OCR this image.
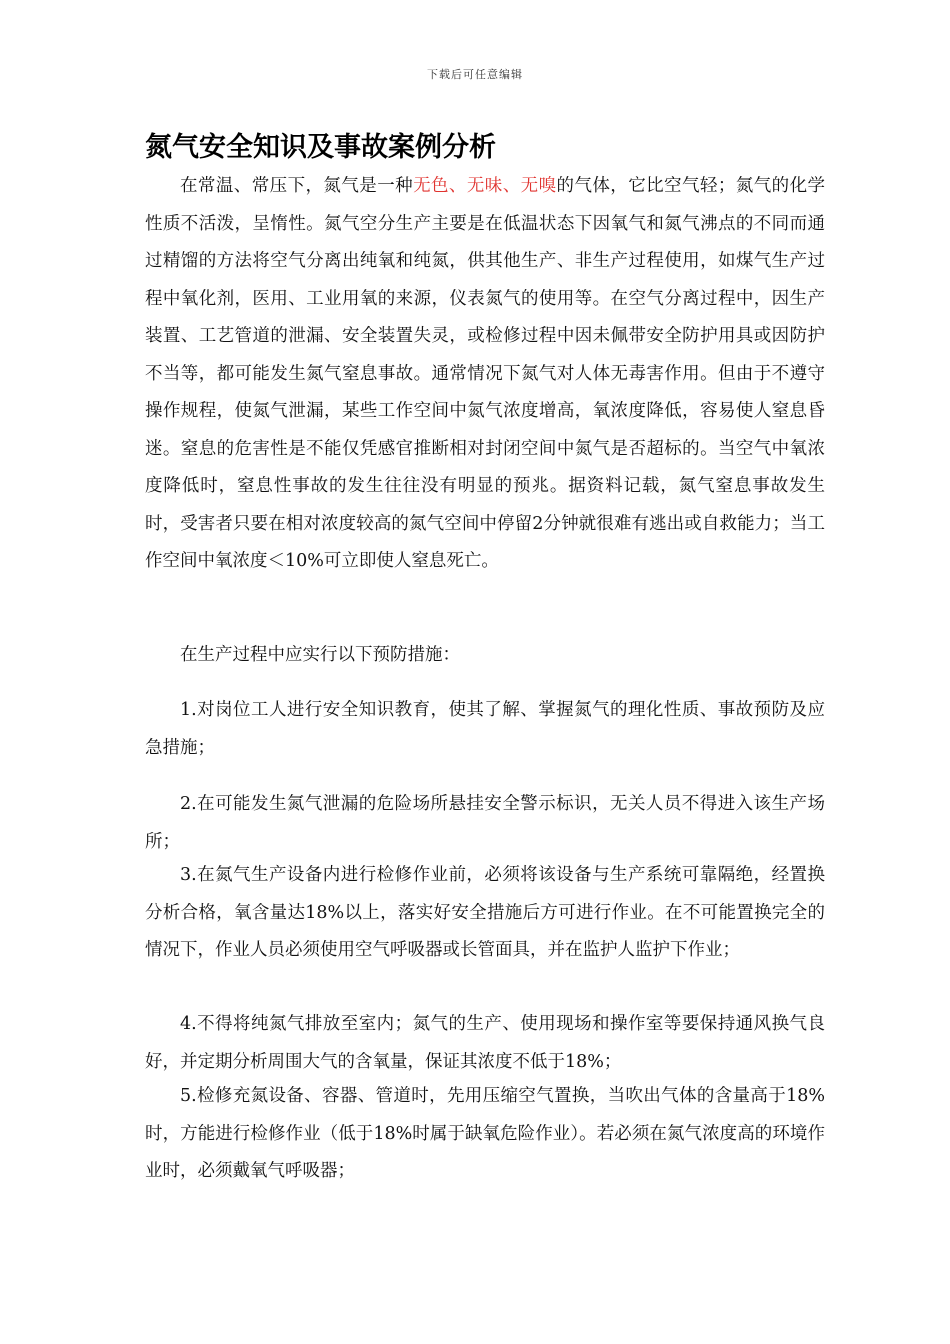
下载后可任意编辑
氮气安全知识及事故案例分析

在常温、常压下，氮气是一种无色、无味、无嗅的气体，它比空气轻；氮气的化学性质不活泼，呈惰性。氮气空分生产主要是在低温状态下因氧气和氮气沸点的不同而通过精馏的方法将空气分离出纯氧和纯氮，供其他生产、非生产过程使用，如煤气生产过程中氧化剂，医用、工业用氧的来源，仪表氮气的使用等。在空气分离过程中，因生产装置、工艺管道的泄漏、安全装置失灵，或检修过程中因未佩带安全防护用具或因防护不当等，都可能发生氮气窒息事故。通常情况下氮气对人体无毒害作用。但由于不遵守操作规程，使氮气泄漏，某些工作空间中氮气浓度增高，氧浓度降低，容易使人窒息昏迷。窒息的危害性是不能仅凭感官推断相对封闭空间中氮气是否超标的。当空气中氧浓度降低时，窒息性事故的发生往往没有明显的预兆。据资料记载，氮气窒息事故发生时，受害者只要在相对浓度较高的氮气空间中停留2分钟就很难有逃出或自救能力；当工作空间中氧浓度＜10%可立即使人窒息死亡。

在生产过程中应实行以下预防措施：

1.对岗位工人进行安全知识教育，使其了解、掌握氮气的理化性质、事故预防及应急措施；

2.在可能发生氮气泄漏的危险场所悬挂安全警示标识，无关人员不得进入该生产场所；

3.在氮气生产设备内进行检修作业前，必须将该设备与生产系统可靠隔绝，经置换分析合格，氧含量达18%以上，落实好安全措施后方可进行作业。在不可能置换完全的情况下，作业人员必须使用空气呼吸器或长管面具，并在监护人监护下作业；

4.不得将纯氮气排放至室内；氮气的生产、使用现场和操作室等要保持通风换气良好，并定期分析周围大气的含氧量，保证其浓度不低于18%；

5.检修充氮设备、容器、管道时，先用压缩空气置换，当吹出气体的含量高于18%时，方能进行检修作业（低于18%时属于缺氧危险作业）。若必须在氮气浓度高的环境作业时，必须戴氧气呼吸器；
